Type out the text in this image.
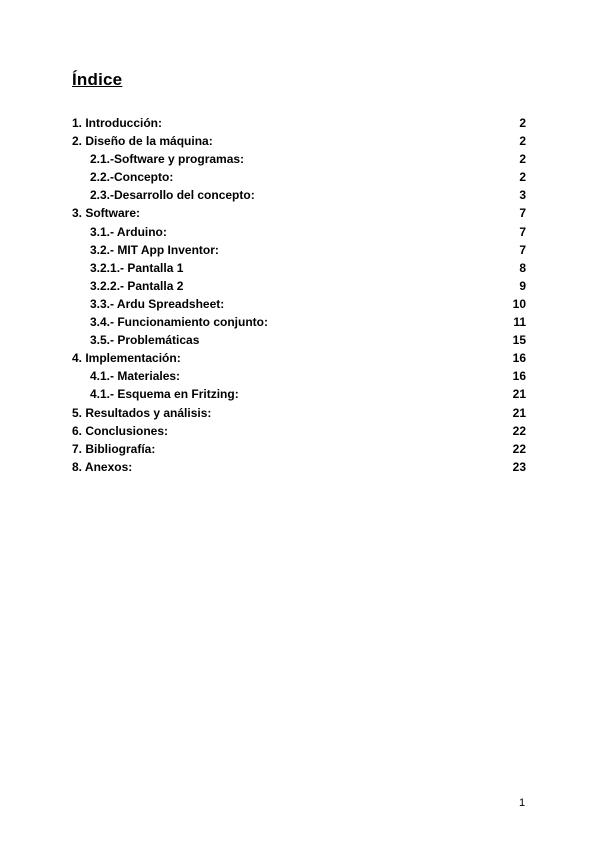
Índice
1. Introducción:	2
2. Diseño de la máquina:	2
2.1.-Software y programas:	2
2.2.-Concepto:	2
2.3.-Desarrollo del concepto:	3
3. Software:	7
3.1.- Arduino:	7
3.2.- MIT App Inventor:	7
3.2.1.- Pantalla 1	8
3.2.2.- Pantalla 2	9
3.3.- Ardu Spreadsheet:	10
3.4.- Funcionamiento conjunto:	11
3.5.- Problemáticas	15
4. Implementación:	16
4.1.- Materiales:	16
4.1.- Esquema en Fritzing:	21
5. Resultados y análisis:	21
6. Conclusiones:	22
7. Bibliografía:	22
8. Anexos:	23
1
